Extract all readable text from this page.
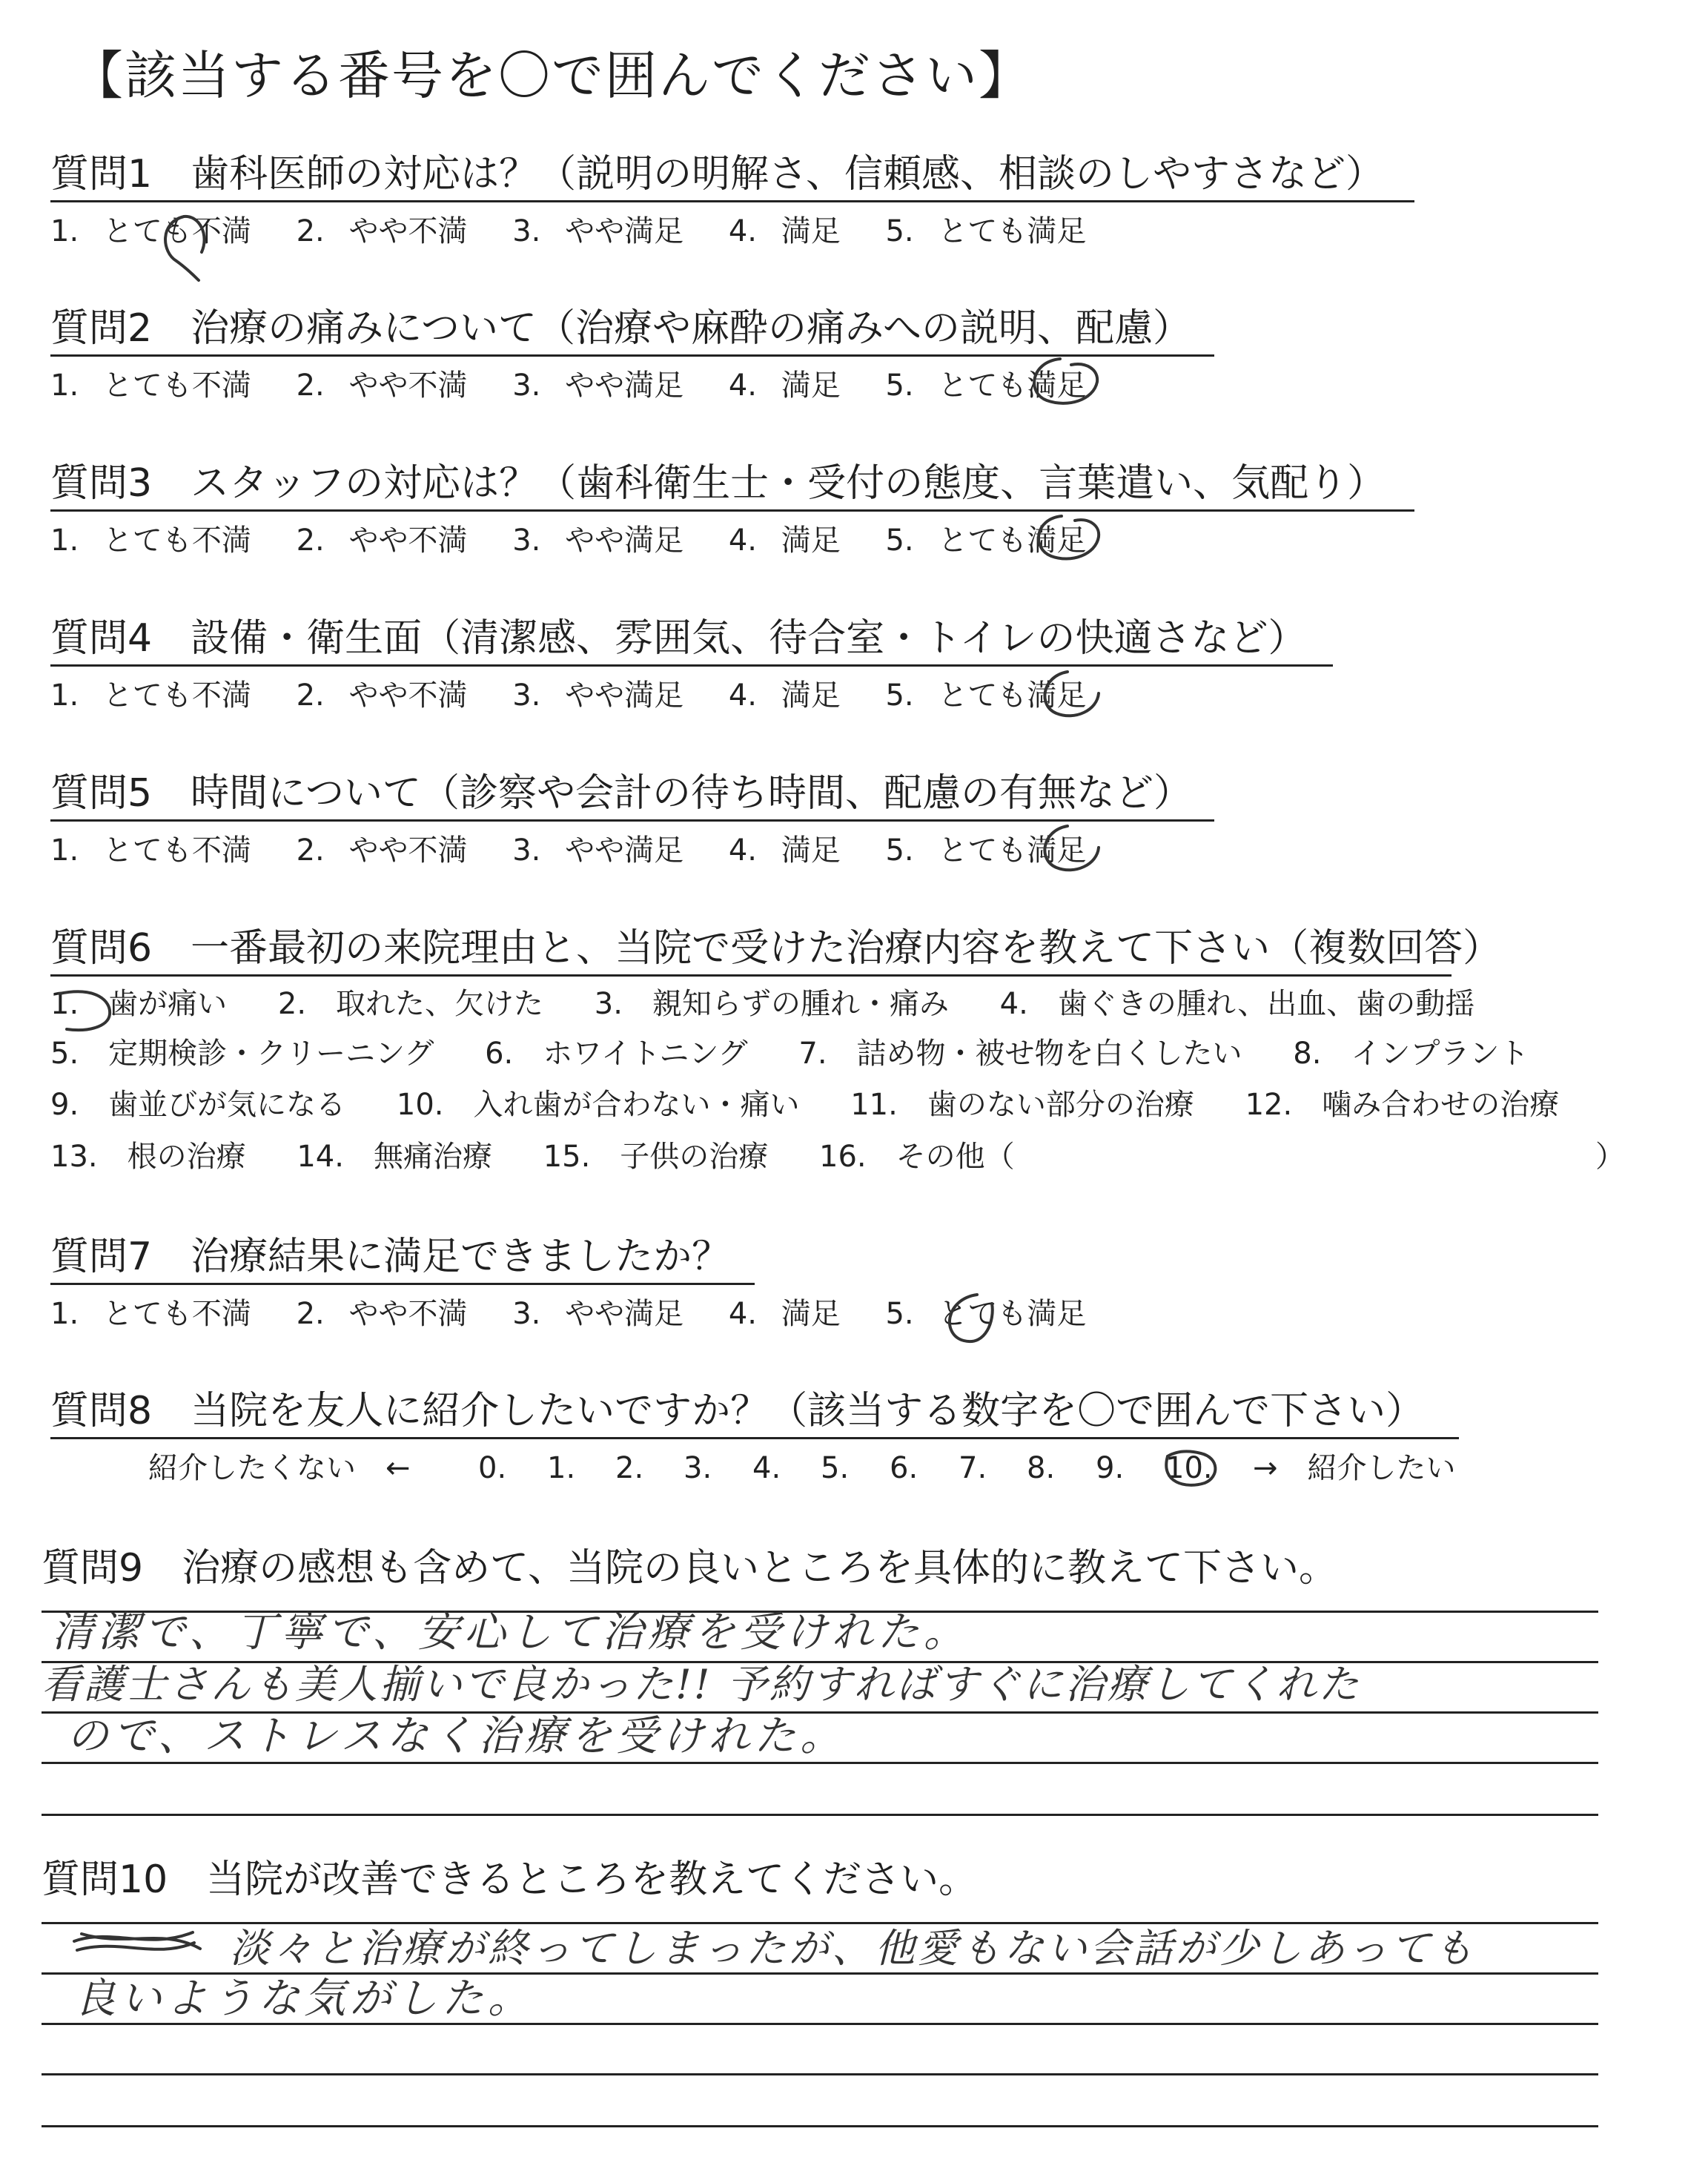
【該当する番号を〇で囲んでください】
質問1　歯科医師の対応は？（説明の明解さ、信頼感、相談のしやすさなど）
1. とても不満 2. やや不満 3. やや満足 4. 満足 5. とても満足
質問2　治療の痛みについて（治療や麻酔の痛みへの説明、配慮）
1. とても不満 2. やや不満 3. やや満足 4. 満足 5. とても満足
質問3　スタッフの対応は？（歯科衛生士・受付の態度、言葉遣い、気配り）
1. とても不満 2. やや不満 3. やや満足 4. 満足 5. とても満足
質問4　設備・衛生面（清潔感、雰囲気、待合室・トイレの快適さなど）
1. とても不満 2. やや不満 3. やや満足 4. 満足 5. とても満足
質問5　時間について（診察や会計の待ち時間、配慮の有無など）
1. とても不満 2. やや不満 3. やや満足 4. 満足 5. とても満足
質問6　一番最初の来院理由と、当院で受けた治療内容を教えて下さい（複数回答）
1.　歯が痛い 2.　取れた、欠けた 3.　親知らずの腫れ・痛み 4.　歯ぐきの腫れ、出血、歯の動揺
5.　定期検診・クリーニング 6.　ホワイトニング 7.　詰め物・被せ物を白くしたい 8.　インプラント
9.　歯並びが気になる 10.　入れ歯が合わない・痛い 11.　歯のない部分の治療 12.　噛み合わせの治療
13.　根の治療 14.　無痛治療 15.　子供の治療 16.　その他（	）
質問7　治療結果に満足できましたか？
1. とても不満 2. やや不満 3. やや満足 4. 満足 5. とても満足
質問8　当院を友人に紹介したいですか？（該当する数字を〇で囲んで下さい）
紹介したくない　← 0. 1. 2. 3. 4. 5. 6. 7. 8. 9. 10. →　紹介したい
質問9　治療の感想も含めて、当院の良いところを具体的に教えて下さい。
清潔で、丁寧で、安心して治療を受けれた。
看護士さんも美人揃いで良かった!! 予約すればすぐに治療してくれた
ので、ストレスなく治療を受けれた。
質問10　当院が改善できるところを教えてください。
淡々と治療が終ってしまったが、他愛もない会話が少しあっても
良いような気がした。
